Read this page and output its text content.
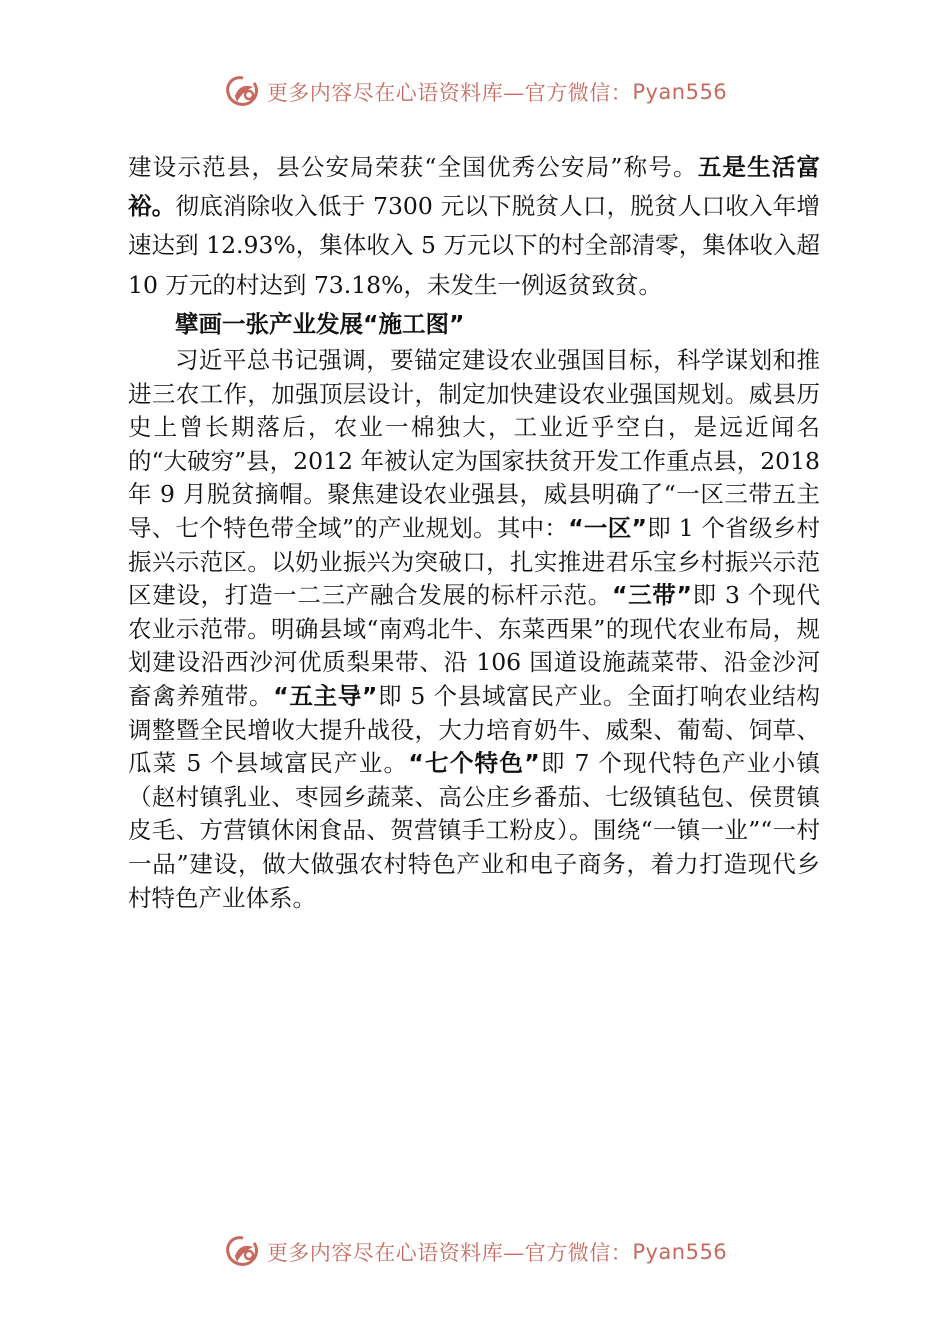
更多内容尽在心语资料库—官方微信： Pyan556

建设示范县，县公安局荣获“全国优秀公安局”称号。五是生活富裕。彻底消除收入低于 7300 元以下脱贫人口，脱贫人口收入年增速达到 12.93%，集体收入 5 万元以下的村全部清零，集体收入超 10 万元的村达到 73.18%，未发生一例返贫致贫。

擘画一张产业发展“施工图”

习近平总书记强调，要锚定建设农业强国目标，科学谋划和推进三农工作，加强顶层设计，制定加快建设农业强国规划。威县历史上曾长期落后，农业一棉独大，工业近乎空白，是远近闻名的“大破穷”县，2012 年被认定为国家扶贫开发工作重点县，2018 年 9 月脱贫摘帽。聚焦建设农业强县，威县明确了“一区三带五主导、七个特色带全域”的产业规划。其中：“一区”即 1 个省级乡村振兴示范区。以奶业振兴为突破口，扎实推进君乐宝乡村振兴示范区建设，打造一二三产融合发展的标杆示范。“三带”即 3 个现代农业示范带。明确县域“南鸡北牛、东菜西果”的现代农业布局，规划建设沿西沙河优质梨果带、沿 106 国道设施蔬菜带、沿金沙河畜禽养殖带。“五主导”即 5 个县域富民产业。全面打响农业结构调整暨全民增收大提升战役，大力培育奶牛、威梨、葡萄、饲草、瓜菜 5 个县域富民产业。“七个特色”即 7 个现代特色产业小镇（赵村镇乳业、枣园乡蔬菜、高公庄乡番茄、七级镇毡包、侯贯镇皮毛、方营镇休闲食品、贺营镇手工粉皮）。围绕“一镇一业”“一村一品”建设，做大做强农村特色产业和电子商务，着力打造现代乡村特色产业体系。

更多内容尽在心语资料库—官方微信： Pyan556
